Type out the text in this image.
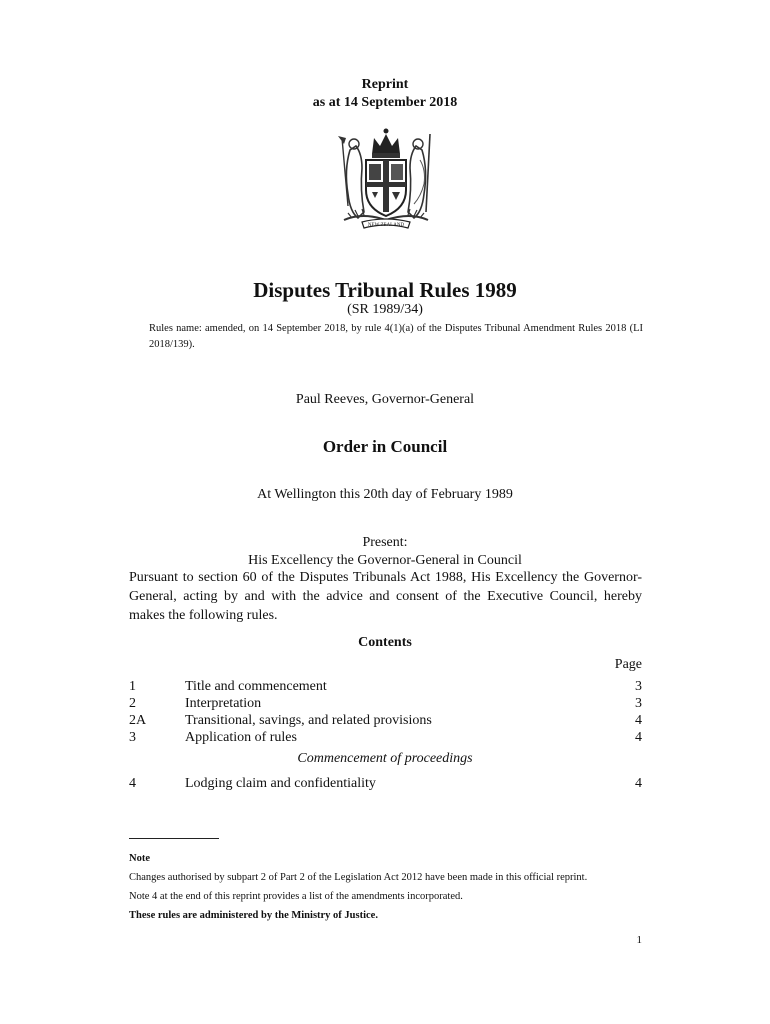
Reprint
as at 14 September 2018
NEW ZEALAND
Disputes Tribunal Rules 1989
(SR 1989/34)
Rules name: amended, on 14 September 2018, by rule 4(1)(a) of the Disputes Tribunal Amendment Rules 2018 (LI 2018/139).
Paul Reeves, Governor-General
Order in Council
At Wellington this 20th day of February 1989
Present:
His Excellency the Governor-General in Council
Pursuant to section 60 of the Disputes Tribunals Act 1988, His Excellency the Governor-General, acting by and with the advice and consent of the Executive Council, hereby makes the following rules.
Contents
Page
1	Title and commencement	3
2	Interpretation	3
2A	Transitional, savings, and related provisions	4
3	Application of rules	4
Commencement of proceedings
4	Lodging claim and confidentiality	4
Note
Changes authorised by subpart 2 of Part 2 of the Legislation Act 2012 have been made in this official reprint.
Note 4 at the end of this reprint provides a list of the amendments incorporated.
These rules are administered by the Ministry of Justice.
1
